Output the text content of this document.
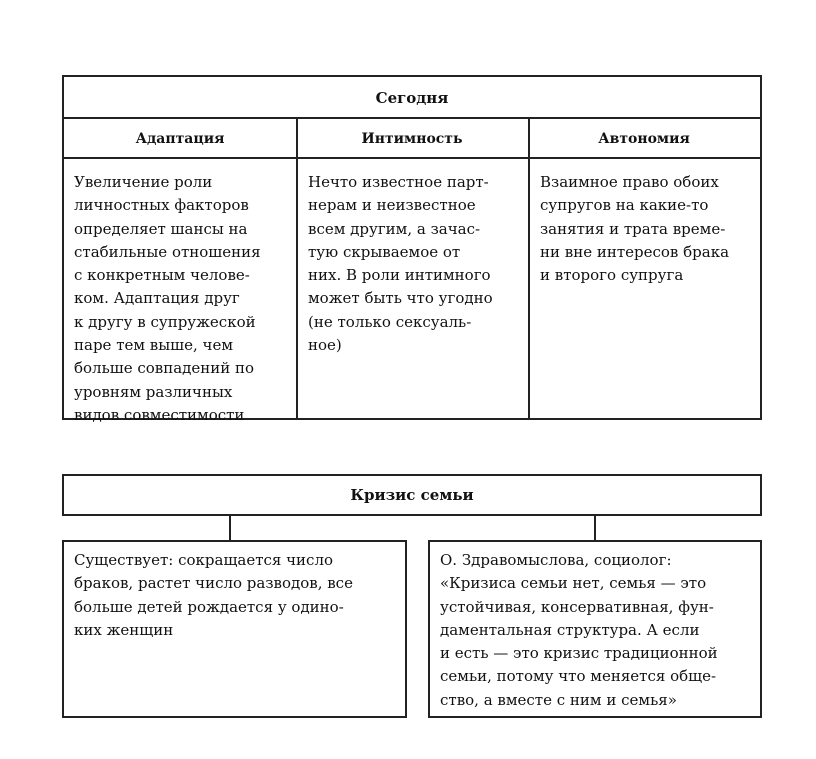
Сегодня
Адаптация	Интимность	Автономия
Увеличение роли
личностных факторов
определяет шансы на
стабильные отношения
с конкретным челове-
ком. Адаптация друг
к другу в супружеской
паре тем выше, чем
больше совпадений по
уровням различных
видов совместимости
Нечто известное парт-
нерам и неизвестное
всем другим, а зачас-
тую скрываемое от
них. В роли интимного
может быть что угодно
(не только сексуаль-
ное)
Взаимное право обоих
супругов на какие-то
занятия и трата време-
ни вне интересов брака
и второго супруга
Кризис семьи
Существует: сокращается число
браков, растет число разводов, все
больше детей рождается у одино-
ких женщин
О. Здравомыслова, социолог:
«Кризиса семьи нет, семья — это
устойчивая, консервативная, фун-
даментальная структура. А если
и есть — это кризис традиционной
семьи, потому что меняется обще-
ство, а вместе с ним и семья»
